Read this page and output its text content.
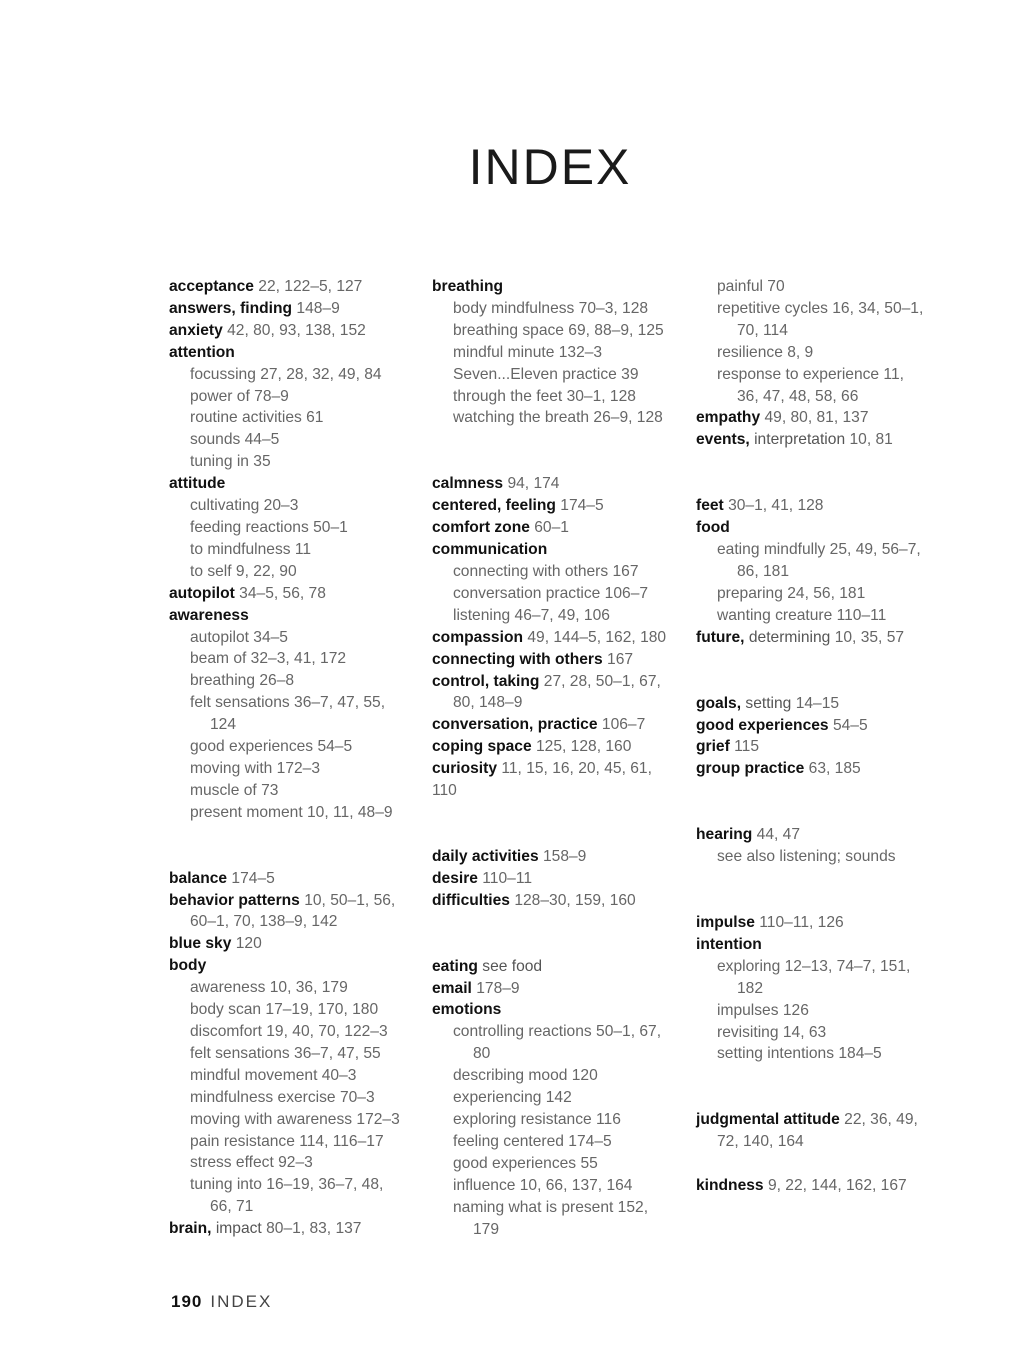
INDEX
acceptance 22, 122–5, 127
answers, finding 148–9
anxiety 42, 80, 93, 138, 152
attention
focussing 27, 28, 32, 49, 84
power of 78–9
routine activities 61
sounds 44–5
tuning in 35
attitude
cultivating 20–3
feeding reactions 50–1
to mindfulness 11
to self 9, 22, 90
autopilot 34–5, 56, 78
awareness
autopilot 34–5
beam of 32–3, 41, 172
breathing 26–8
felt sensations 36–7, 47, 55,
124
good experiences 54–5
moving with 172–3
muscle of 73
present moment 10, 11, 48–9
balance 174–5
behavior patterns 10, 50–1, 56,
60–1, 70, 138–9, 142
blue sky 120
body
awareness 10, 36, 179
body scan 17–19, 170, 180
discomfort 19, 40, 70, 122–3
felt sensations 36–7, 47, 55
mindful movement 40–3
mindfulness exercise 70–3
moving with awareness 172–3
pain resistance 114, 116–17
stress effect 92–3
tuning into 16–19, 36–7, 48,
66, 71
brain, impact 80–1, 83, 137
breathing
body mindfulness 70–3, 128
breathing space 69, 88–9, 125
mindful minute 132–3
Seven...Eleven practice 39
through the feet 30–1, 128
watching the breath 26–9, 128
calmness 94, 174
centered, feeling 174–5
comfort zone 60–1
communication
connecting with others 167
conversation practice 106–7
listening 46–7, 49, 106
compassion 49, 144–5, 162, 180
connecting with others 167
control, taking 27, 28, 50–1, 67,
80, 148–9
conversation, practice 106–7
coping space 125, 128, 160
curiosity 11, 15, 16, 20, 45, 61,
110
daily activities 158–9
desire 110–11
difficulties 128–30, 159, 160
eating see food
email 178–9
emotions
controlling reactions 50–1, 67,
80
describing mood 120
experiencing 142
exploring resistance 116
feeling centered 174–5
good experiences 55
influence 10, 66, 137, 164
naming what is present 152,
179
painful 70
repetitive cycles 16, 34, 50–1,
70, 114
resilience 8, 9
response to experience 11,
36, 47, 48, 58, 66
empathy 49, 80, 81, 137
events, interpretation 10, 81
feet 30–1, 41, 128
food
eating mindfully 25, 49, 56–7,
86, 181
preparing 24, 56, 181
wanting creature 110–11
future, determining 10, 35, 57
goals, setting 14–15
good experiences 54–5
grief 115
group practice 63, 185
hearing 44, 47
see also listening; sounds
impulse 110–11, 126
intention
exploring 12–13, 74–7, 151,
182
impulses 126
revisiting 14, 63
setting intentions 184–5
judgmental attitude 22, 36, 49,
72, 140, 164
kindness 9, 22, 144, 162, 167
190 INDEX
